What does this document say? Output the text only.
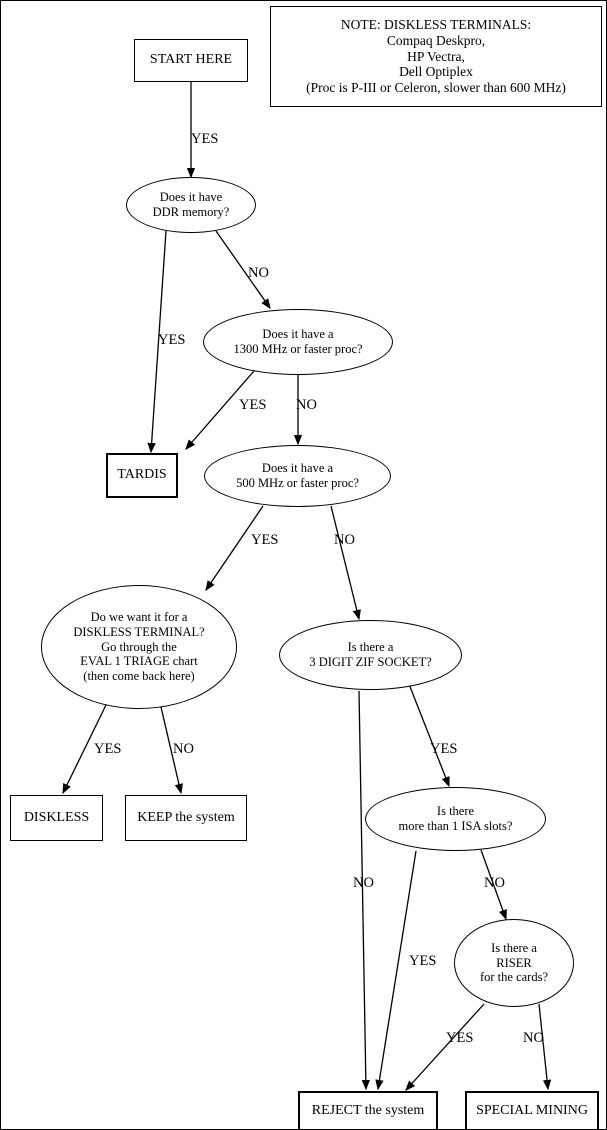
NOTE: DISKLESS TERMINALS:
Compaq Deskpro,
HP Vectra,
Dell Optiplex
(Proc is P-III or Celeron, slower than 600 MHz)
START HERE
Does it have
DDR memory?
Does it have a
1300 MHz or faster proc?
TARDIS	Does it have a
500 MHz or faster proc?
Do we want it for a
DISKLESS TERMINAL?
Go through the
EVAL 1 TRIAGE chart
(then come back here)
Is there a
3 DIGIT ZIF SOCKET?
Is there
more than 1 ISA slots?
Is there a
RISER
for the cards?
DISKLESS	KEEP the system
REJECT the system	SPECIAL MINING
YES
YES
NO
YES NO
YES	NO
YES	NO	YES
NO	NO
YES
YES	NO
